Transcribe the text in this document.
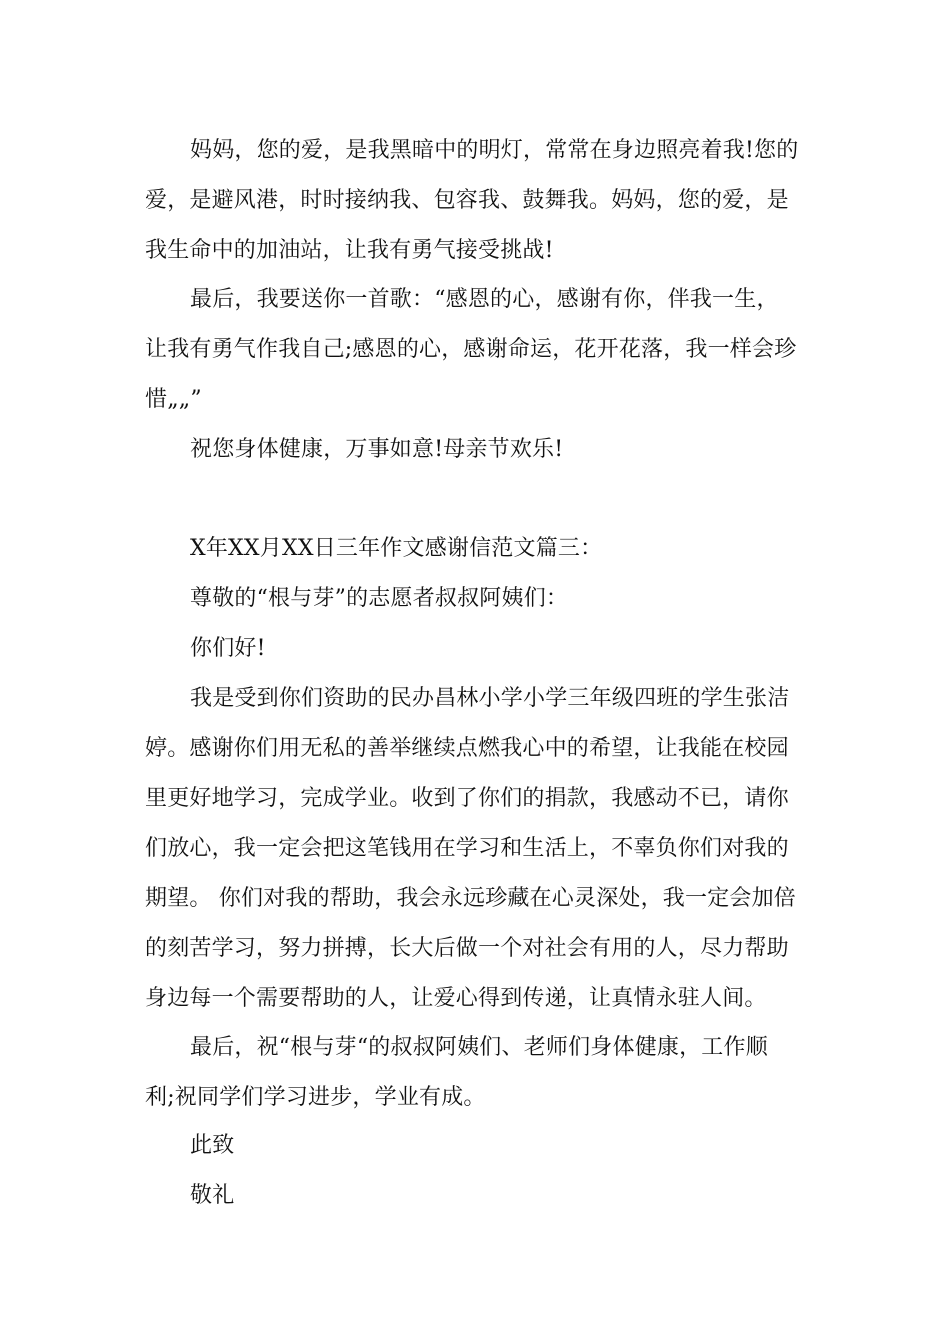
妈妈，您的爱，是我黑暗中的明灯，常常在身边照亮着我!您的
爱，是避风港，时时接纳我、包容我、鼓舞我。妈妈，您的爱，是
我生命中的加油站，让我有勇气接受挑战!

最后，我要送你一首歌：“感恩的心，感谢有你，伴我一生，
让我有勇气作我自己;感恩的心，感谢命运，花开花落，我一样会珍
惜„„”

祝您身体健康，万事如意!母亲节欢乐!

X年XX月XX日三年作文感谢信范文篇三：

尊敬的“根与芽”的志愿者叔叔阿姨们：

你们好!

我是受到你们资助的民办昌林小学小学三年级四班的学生张洁
婷。感谢你们用无私的善举继续点燃我心中的希望，让我能在校园
里更好地学习，完成学业。收到了你们的捐款，我感动不已，请你
们放心，我一定会把这笔钱用在学习和生活上，不辜负你们对我的
期望。 你们对我的帮助，我会永远珍藏在心灵深处，我一定会加倍
的刻苦学习，努力拼搏，长大后做一个对社会有用的人，尽力帮助
身边每一个需要帮助的人，让爱心得到传递，让真情永驻人间。

最后，祝“根与芽“的叔叔阿姨们、老师们身体健康，工作顺
利;祝同学们学习进步，学业有成。

此致

敬礼
